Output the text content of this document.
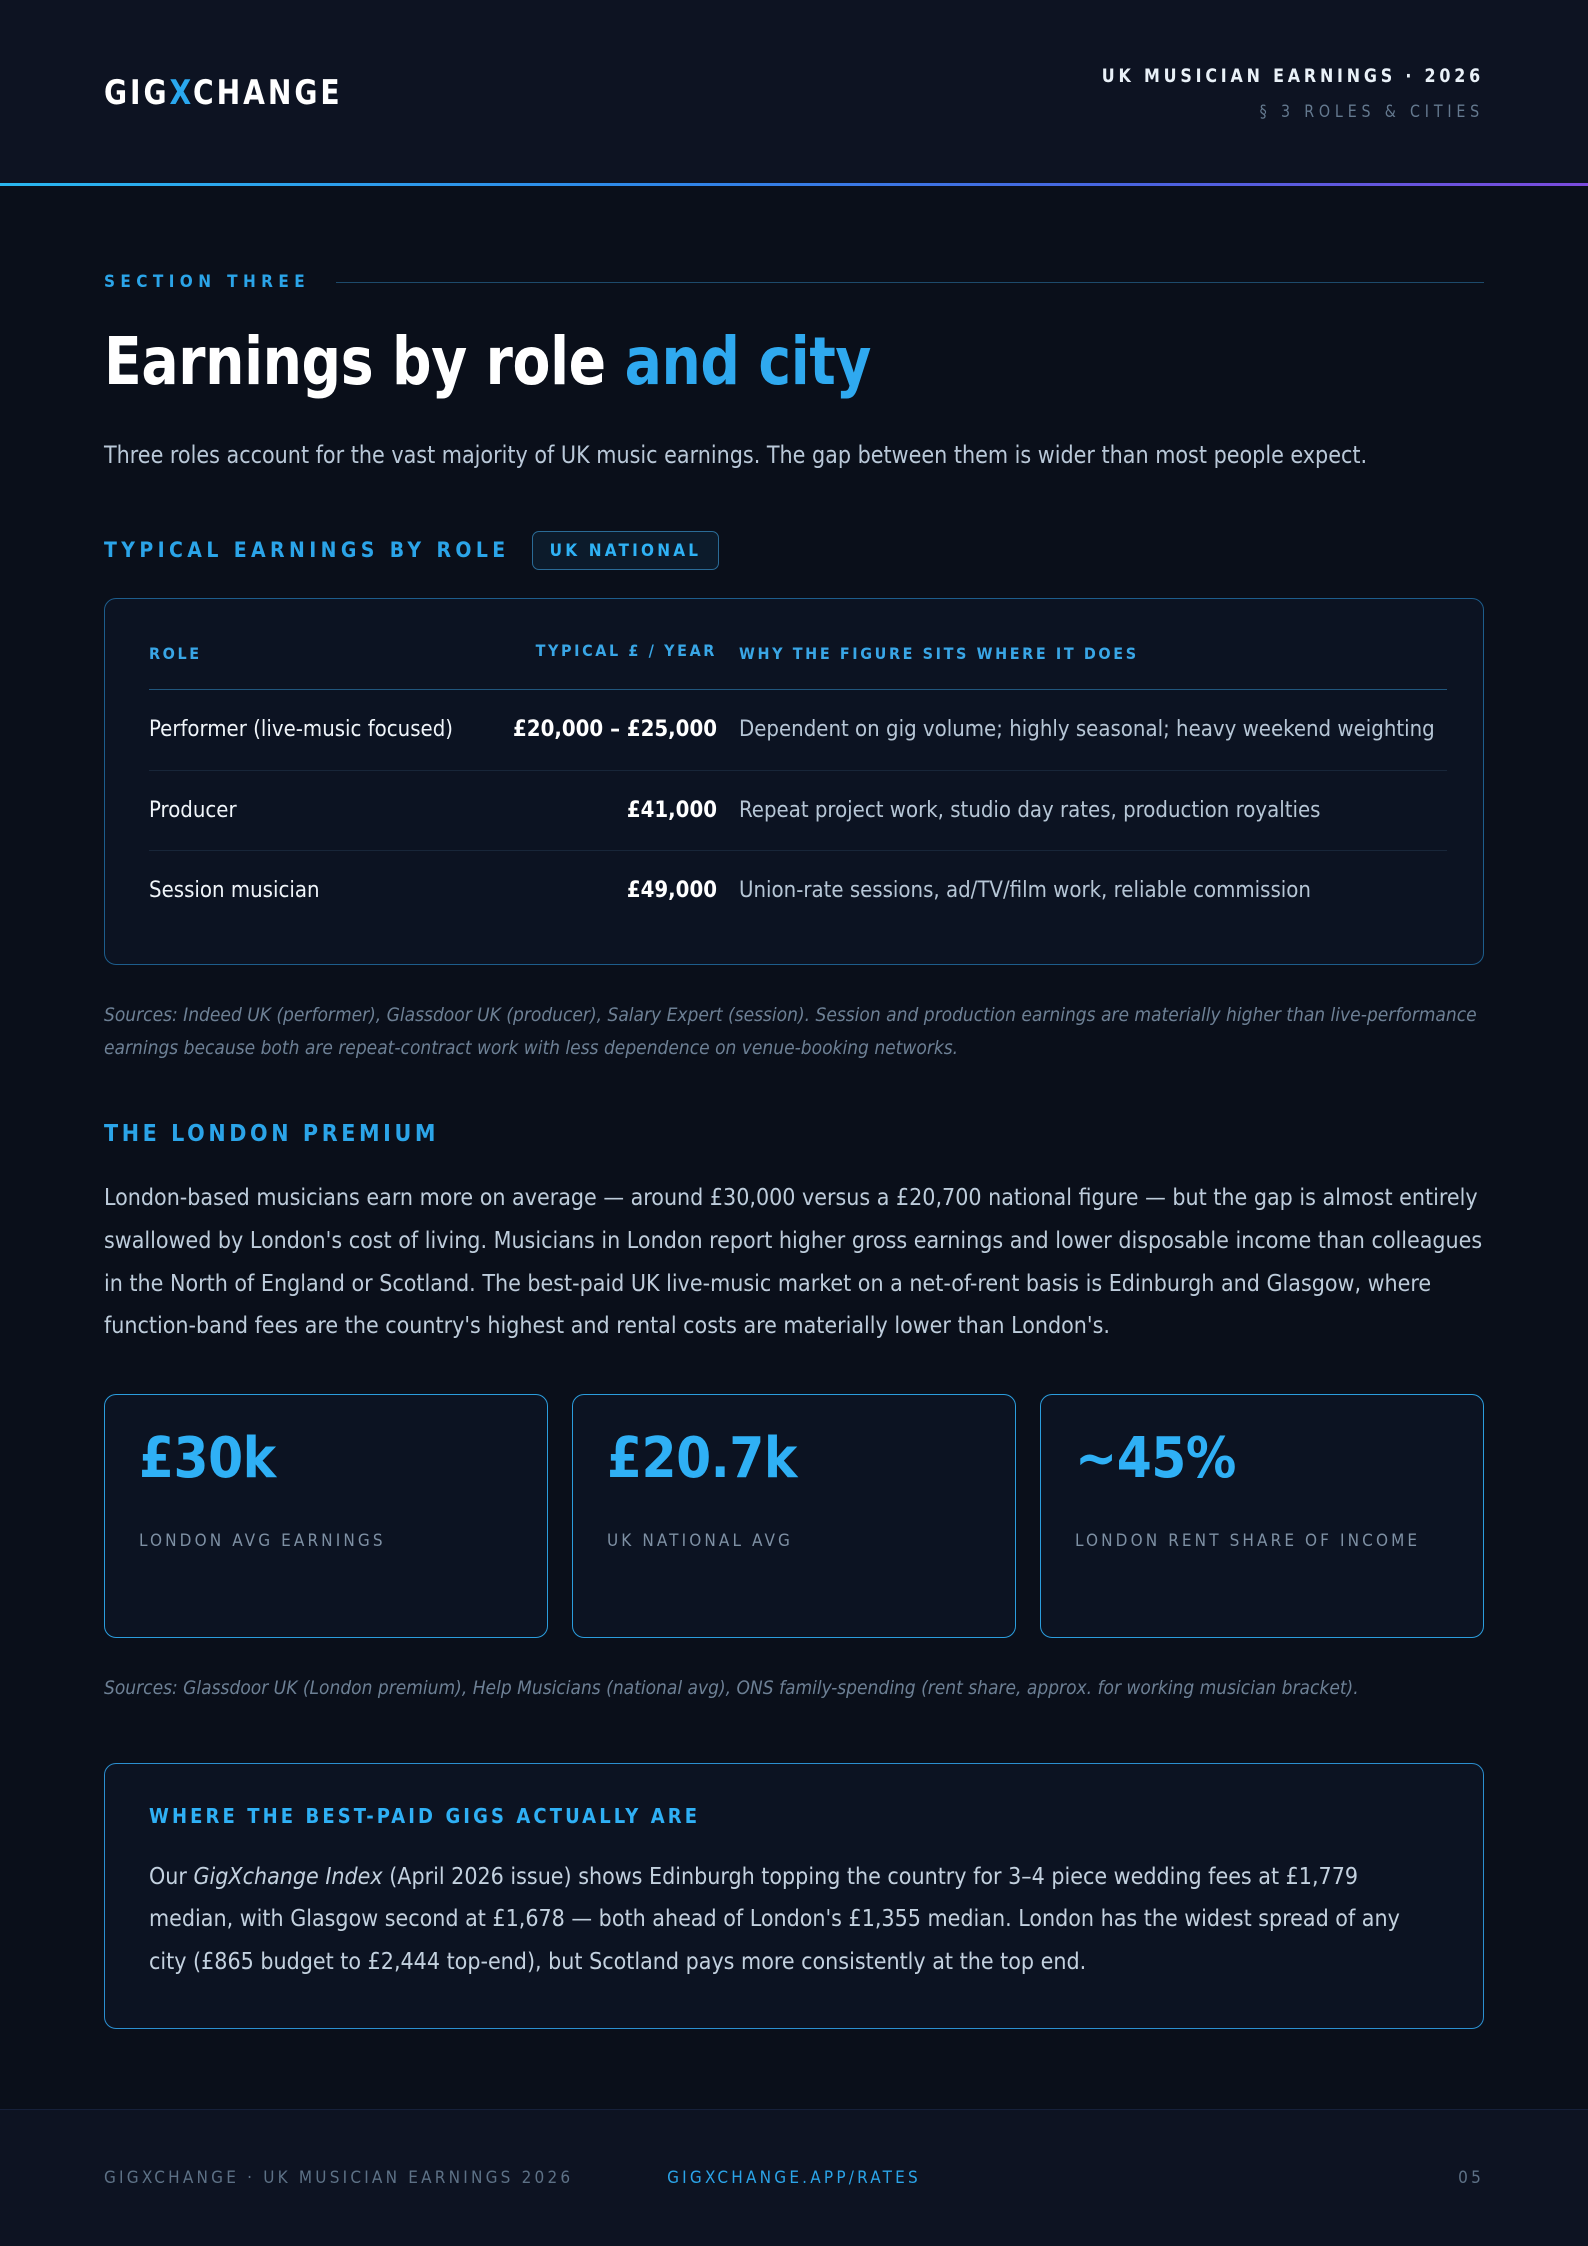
GIGXCHANGE	UK MUSICIAN EARNINGS · 2026
§ 3 ROLES & CITIES
SECTION THREE
Earnings by role and city

Three roles account for the vast majority of UK music earnings. The gap between them is wider than most people expect.

TYPICAL EARNINGS BY ROLE	UK NATIONAL
ROLE	TYPICAL £ / YEAR	WHY THE FIGURE SITS WHERE IT DOES
Performer (live-music focused)	£20,000 – £25,000	Dependent on gig volume; highly seasonal; heavy weekend weighting
Producer	£41,000	Repeat project work, studio day rates, production royalties
Session musician	£49,000	Union-rate sessions, ad/TV/film work, reliable commission

Sources: Indeed UK (performer), Glassdoor UK (producer), Salary Expert (session). Session and production earnings are materially higher than live-performance earnings because both are repeat-contract work with less dependence on venue-booking networks.

THE LONDON PREMIUM

London-based musicians earn more on average — around £30,000 versus a £20,700 national figure — but the gap is almost entirely swallowed by London's cost of living. Musicians in London report higher gross earnings and lower disposable income than colleagues in the North of England or Scotland. The best-paid UK live-music market on a net-of-rent basis is Edinburgh and Glasgow, where function-band fees are the country's highest and rental costs are materially lower than London's.

£30k
LONDON AVG EARNINGS
£20.7k
UK NATIONAL AVG
~45%
LONDON RENT SHARE OF INCOME

Sources: Glassdoor UK (London premium), Help Musicians (national avg), ONS family-spending (rent share, approx. for working musician bracket).

WHERE THE BEST-PAID GIGS ACTUALLY ARE
Our GigXchange Index (April 2026 issue) shows Edinburgh topping the country for 3–4 piece wedding fees at £1,779 median, with Glasgow second at £1,678 — both ahead of London's £1,355 median. London has the widest spread of any city (£865 budget to £2,444 top-end), but Scotland pays more consistently at the top end.
GIGXCHANGE · UK MUSICIAN EARNINGS 2026	GIGXCHANGE.APP/RATES	05
